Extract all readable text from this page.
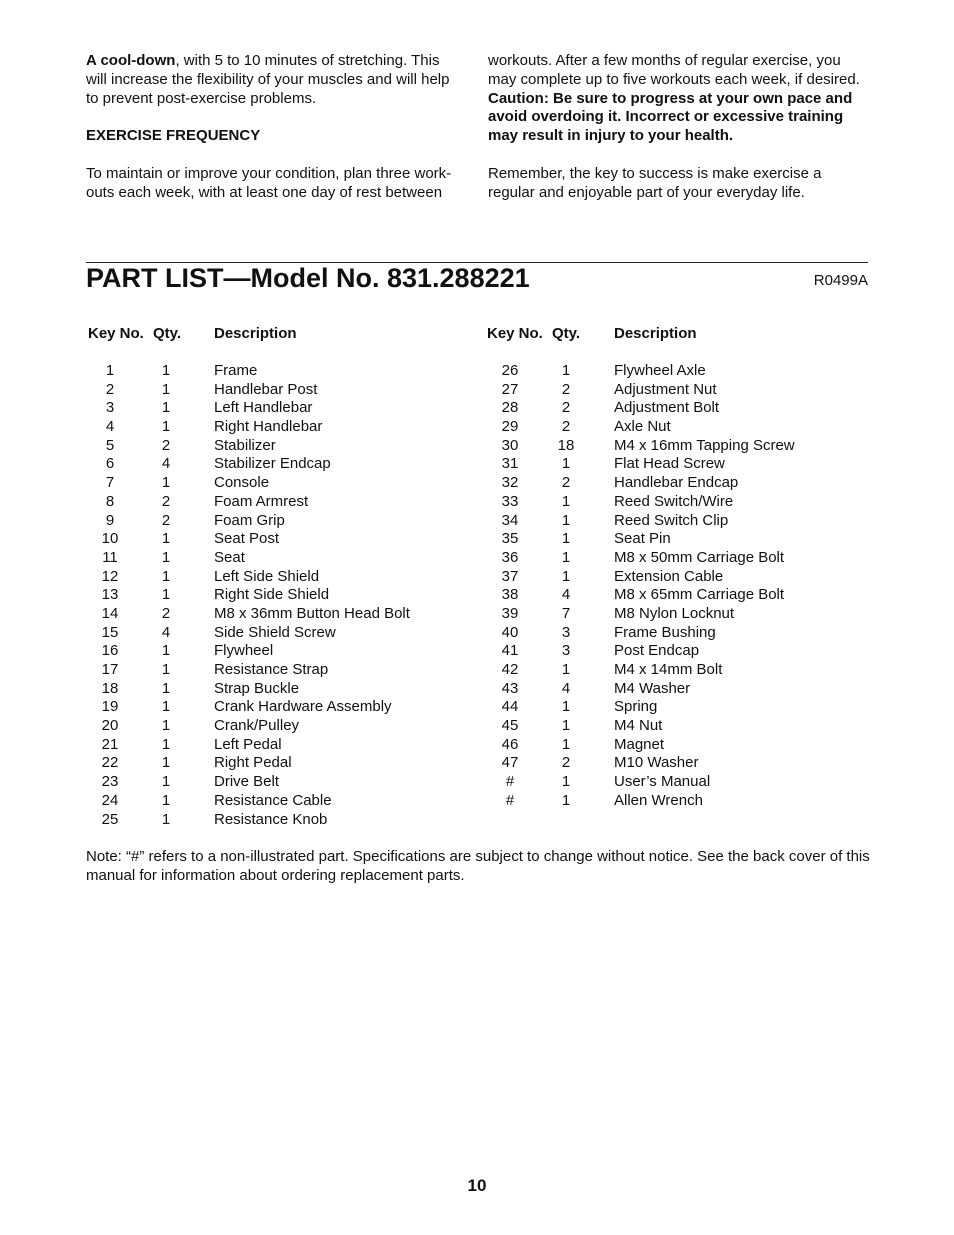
A cool-down, with 5 to 10 minutes of stretching. This will increase the flexibility of your muscles and will help to prevent post-exercise problems.

EXERCISE FREQUENCY

To maintain or improve your condition, plan three work- outs each week, with at least one day of rest between

workouts. After a few months of regular exercise, you may complete up to five workouts each week, if desired. Caution: Be sure to progress at your own pace and avoid overdoing it. Incorrect or excessive training may result in injury to your health.

Remember, the key to success is make exercise a regular and enjoyable part of your everyday life.

PART LIST—Model No. 831.288221	R0499A
Key No. Qty. Description
1	1	Frame
2	1	Handlebar Post
3	1	Left Handlebar
4	1	Right Handlebar
5	2	Stabilizer
6	4	Stabilizer Endcap
7	1	Console
8	2	Foam Armrest
9	2	Foam Grip
10	1	Seat Post
11	1	Seat
12	1	Left Side Shield
13	1	Right Side Shield
14	2	M8 x 36mm Button Head Bolt
15	4	Side Shield Screw
16	1	Flywheel
17	1	Resistance Strap
18	1	Strap Buckle
19	1	Crank Hardware Assembly
20	1	Crank/Pulley
21	1	Left Pedal
22	1	Right Pedal
23	1	Drive Belt
24	1	Resistance Cable
25	1	Resistance Knob
Key No. Qty. Description
26	1	Flywheel Axle
27	2	Adjustment Nut
28	2	Adjustment Bolt
29	2	Axle Nut
30	18	M4 x 16mm Tapping Screw
31	1	Flat Head Screw
32	2	Handlebar Endcap
33	1	Reed Switch/Wire
34	1	Reed Switch Clip
35	1	Seat Pin
36	1	M8 x 50mm Carriage Bolt
37	1	Extension Cable
38	4	M8 x 65mm Carriage Bolt
39	7	M8 Nylon Locknut
40	3	Frame Bushing
41	3	Post Endcap
42	1	M4 x 14mm Bolt
43	4	M4 Washer
44	1	Spring
45	1	M4 Nut
46	1	Magnet
47	2	M10 Washer
#	1	User’s Manual
#	1	Allen Wrench
Note: “#” refers to a non-illustrated part. Specifications are subject to change without notice. See the back cover of this manual for information about ordering replacement parts.
10
